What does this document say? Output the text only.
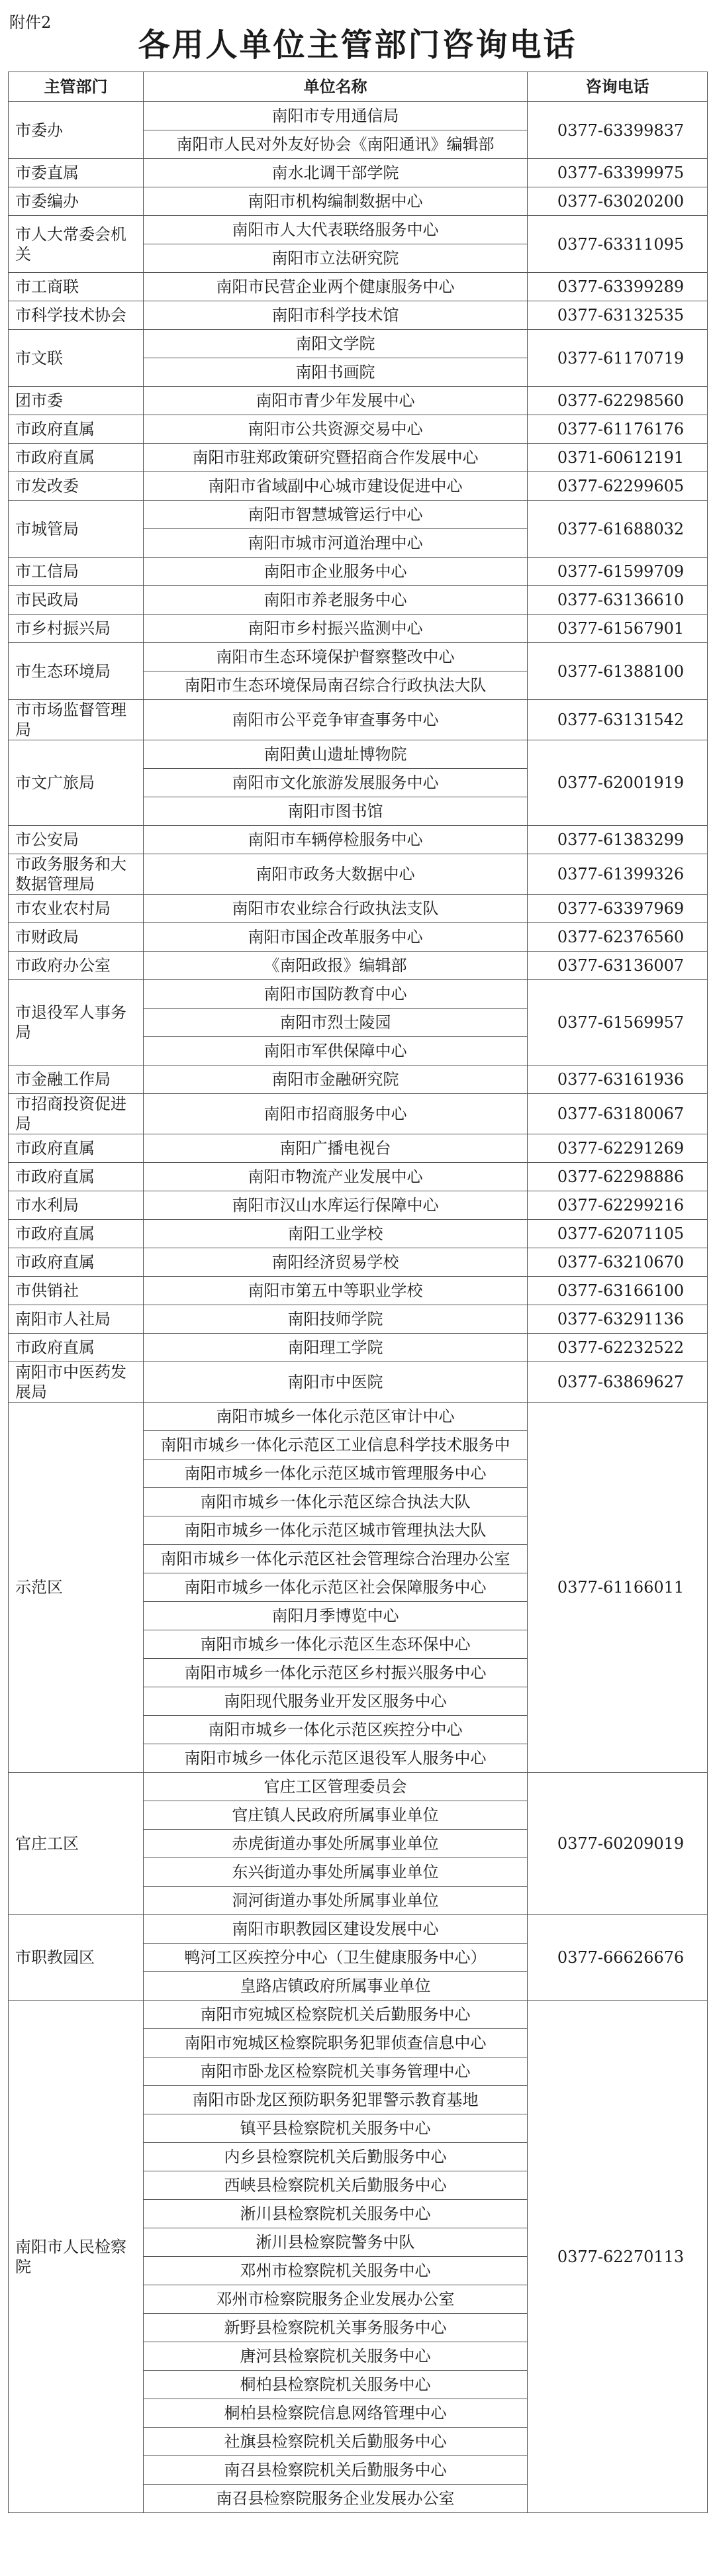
附件2
各用人单位主管部门咨询电话
主管部门	单位名称	咨询电话
市委办	南阳市专用通信局	0377-63399837
	南阳市人民对外友好协会《南阳通讯》编辑部	
市委直属	南水北调干部学院	0377-63399975
市委编办	南阳市机构编制数据中心	0377-63020200
市人大常委会机关	南阳市人大代表联络服务中心	0377-63311095
	南阳市立法研究院	
市工商联	南阳市民营企业两个健康服务中心	0377-63399289
市科学技术协会	南阳市科学技术馆	0377-63132535
市文联	南阳文学院	0377-61170719
	南阳书画院	
团市委	南阳市青少年发展中心	0377-62298560
市政府直属	南阳市公共资源交易中心	0377-61176176
市政府直属	南阳市驻郑政策研究暨招商合作发展中心	0371-60612191
市发改委	南阳市省域副中心城市建设促进中心	0377-62299605
市城管局	南阳市智慧城管运行中心	0377-61688032
	南阳市城市河道治理中心	
市工信局	南阳市企业服务中心	0377-61599709
市民政局	南阳市养老服务中心	0377-63136610
市乡村振兴局	南阳市乡村振兴监测中心	0377-61567901
市生态环境局	南阳市生态环境保护督察整改中心	0377-61388100
	南阳市生态环境保局南召综合行政执法大队	
市市场监督管理局	南阳市公平竞争审查事务中心	0377-63131542
市文广旅局	南阳黄山遗址博物院	0377-62001919
	南阳市文化旅游发展服务中心	
	南阳市图书馆	
市公安局	南阳市车辆停检服务中心	0377-61383299
市政务服务和大数据管理局	南阳市政务大数据中心	0377-61399326
市农业农村局	南阳市农业综合行政执法支队	0377-63397969
市财政局	南阳市国企改革服务中心	0377-62376560
市政府办公室	《南阳政报》编辑部	0377-63136007
市退役军人事务局	南阳市国防教育中心	0377-61569957
	南阳市烈士陵园	
	南阳市军供保障中心	
市金融工作局	南阳市金融研究院	0377-63161936
市招商投资促进局	南阳市招商服务中心	0377-63180067
市政府直属	南阳广播电视台	0377-62291269
市政府直属	南阳市物流产业发展中心	0377-62298886
市水利局	南阳市汉山水库运行保障中心	0377-62299216
市政府直属	南阳工业学校	0377-62071105
市政府直属	南阳经济贸易学校	0377-63210670
市供销社	南阳市第五中等职业学校	0377-63166100
南阳市人社局	南阳技师学院	0377-63291136
市政府直属	南阳理工学院	0377-62232522
南阳市中医药发展局	南阳市中医院	0377-63869627
示范区	南阳市城乡一体化示范区审计中心	0377-61166011
	南阳市城乡一体化示范区工业信息科学技术服务中	
	南阳市城乡一体化示范区城市管理服务中心	
	南阳市城乡一体化示范区综合执法大队	
	南阳市城乡一体化示范区城市管理执法大队	
	南阳市城乡一体化示范区社会管理综合治理办公室	
	南阳市城乡一体化示范区社会保障服务中心	
	南阳月季博览中心	
	南阳市城乡一体化示范区生态环保中心	
	南阳市城乡一体化示范区乡村振兴服务中心	
	南阳现代服务业开发区服务中心	
	南阳市城乡一体化示范区疾控分中心	
	南阳市城乡一体化示范区退役军人服务中心	
官庄工区	官庄工区管理委员会	0377-60209019
	官庄镇人民政府所属事业单位	
	赤虎街道办事处所属事业单位	
	东兴街道办事处所属事业单位	
	洞河街道办事处所属事业单位	
市职教园区	南阳市职教园区建设发展中心	0377-66626676
	鸭河工区疾控分中心（卫生健康服务中心）	
	皇路店镇政府所属事业单位	
南阳市人民检察院	南阳市宛城区检察院机关后勤服务中心	0377-62270113
	南阳市宛城区检察院职务犯罪侦查信息中心	
	南阳市卧龙区检察院机关事务管理中心	
	南阳市卧龙区预防职务犯罪警示教育基地	
	镇平县检察院机关服务中心	
	内乡县检察院机关后勤服务中心	
	西峡县检察院机关后勤服务中心	
	淅川县检察院机关服务中心	
	淅川县检察院警务中队	
	邓州市检察院机关服务中心	
	邓州市检察院服务企业发展办公室	
	新野县检察院机关事务服务中心	
	唐河县检察院机关服务中心	
	桐柏县检察院机关服务中心	
	桐柏县检察院信息网络管理中心	
	社旗县检察院机关后勤服务中心	
	南召县检察院机关后勤服务中心	
	南召县检察院服务企业发展办公室	
